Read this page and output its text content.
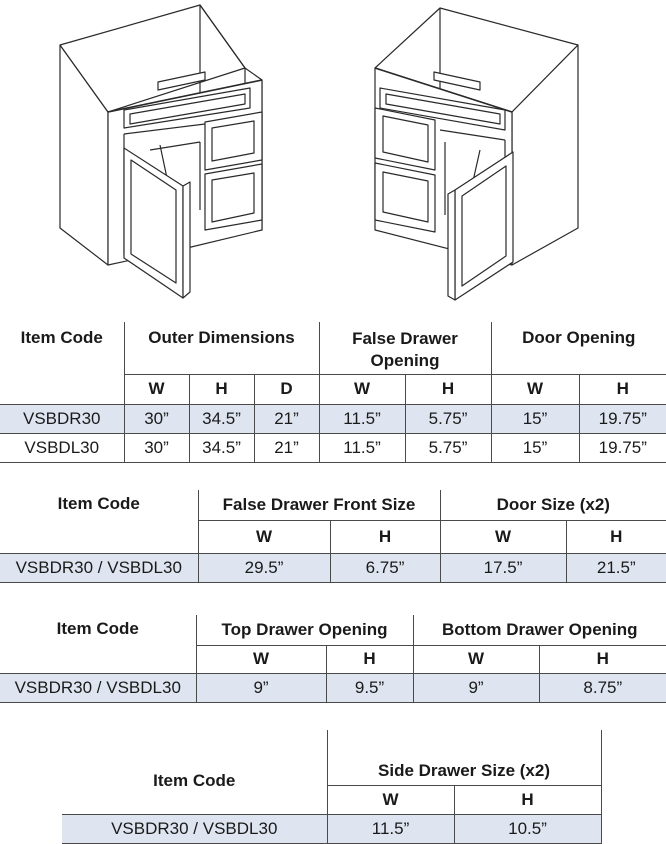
Item Code	Outer Dimensions			False Drawer Opening		Door Opening	
	W	H	D	W	H	W	H
VSBDR30	30”	34.5”	21”	11.5”	5.75”	15”	19.75”
VSBDL30	30”	34.5”	21”	11.5”	5.75”	15”	19.75”
Item Code	False Drawer Front Size		Door Size (x2)	
	W	H	W	H
VSBDR30 / VSBDL30	29.5”	6.75”	17.5”	21.5”
Item Code	Top Drawer Opening		Bottom Drawer Opening	
	W	H	W	H
VSBDR30 / VSBDL30	9”	9.5”	9”	8.75”
Item Code	Side Drawer Size (x2)	
	W	H
VSBDR30 / VSBDL30	11.5”	10.5”
